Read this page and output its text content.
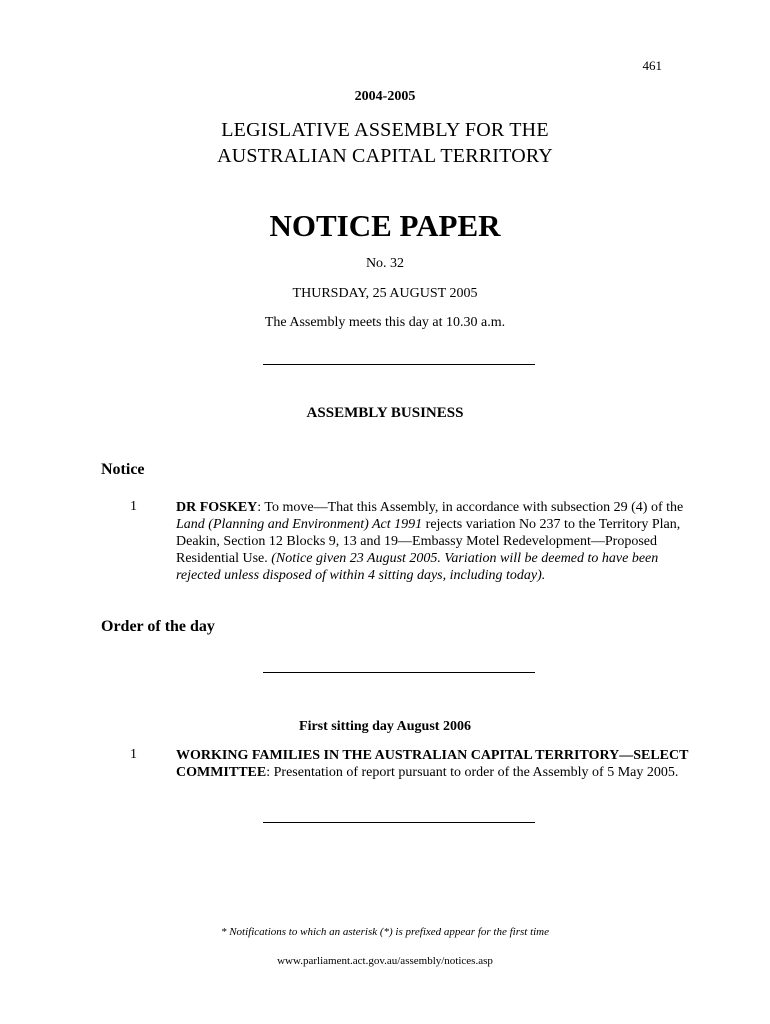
461
2004-2005
LEGISLATIVE ASSEMBLY FOR THE
AUSTRALIAN CAPITAL TERRITORY
NOTICE PAPER
No. 32
THURSDAY, 25 AUGUST 2005
The Assembly meets this day at 10.30 a.m.
ASSEMBLY BUSINESS
Notice
1	DR FOSKEY: To move—That this Assembly, in accordance with subsection 29 (4) of the Land (Planning and Environment) Act 1991 rejects variation No 237 to the Territory Plan, Deakin, Section 12 Blocks 9, 13 and 19—Embassy Motel Redevelopment—Proposed Residential Use. (Notice given 23 August 2005. Variation will be deemed to have been rejected unless disposed of within 4 sitting days, including today).
Order of the day
First sitting day August 2006
1	WORKING FAMILIES IN THE AUSTRALIAN CAPITAL TERRITORY—SELECT COMMITTEE: Presentation of report pursuant to order of the Assembly of 5 May 2005.
* Notifications to which an asterisk (*) is prefixed appear for the first time
www.parliament.act.gov.au/assembly/notices.asp
